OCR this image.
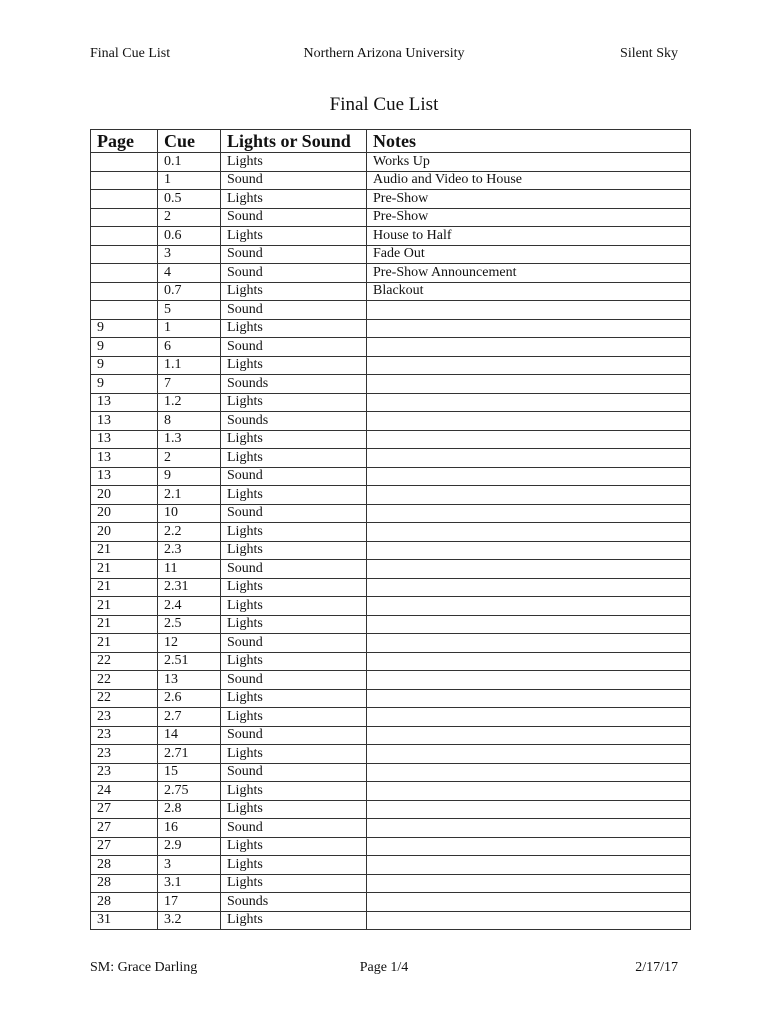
Final Cue List	Northern Arizona University	Silent Sky
Final Cue List
Page	Cue	Lights or Sound	Notes
	0.1	Lights	Works Up
	1	Sound	Audio and Video to House
	0.5	Lights	Pre-Show
	2	Sound	Pre-Show
	0.6	Lights	House to Half
	3	Sound	Fade Out
	4	Sound	Pre-Show Announcement
	0.7	Lights	Blackout
	5	Sound	
9	1	Lights	
9	6	Sound	
9	1.1	Lights	
9	7	Sounds	
13	1.2	Lights	
13	8	Sounds	
13	1.3	Lights	
13	2	Lights	
13	9	Sound	
20	2.1	Lights	
20	10	Sound	
20	2.2	Lights	
21	2.3	Lights	
21	11	Sound	
21	2.31	Lights	
21	2.4	Lights	
21	2.5	Lights	
21	12	Sound	
22	2.51	Lights	
22	13	Sound	
22	2.6	Lights	
23	2.7	Lights	
23	14	Sound	
23	2.71	Lights	
23	15	Sound	
24	2.75	Lights	
27	2.8	Lights	
27	16	Sound	
27	2.9	Lights	
28	3	Lights	
28	3.1	Lights	
28	17	Sounds	
31	3.2	Lights	
SM: Grace Darling	Page 1/4	2/17/17
